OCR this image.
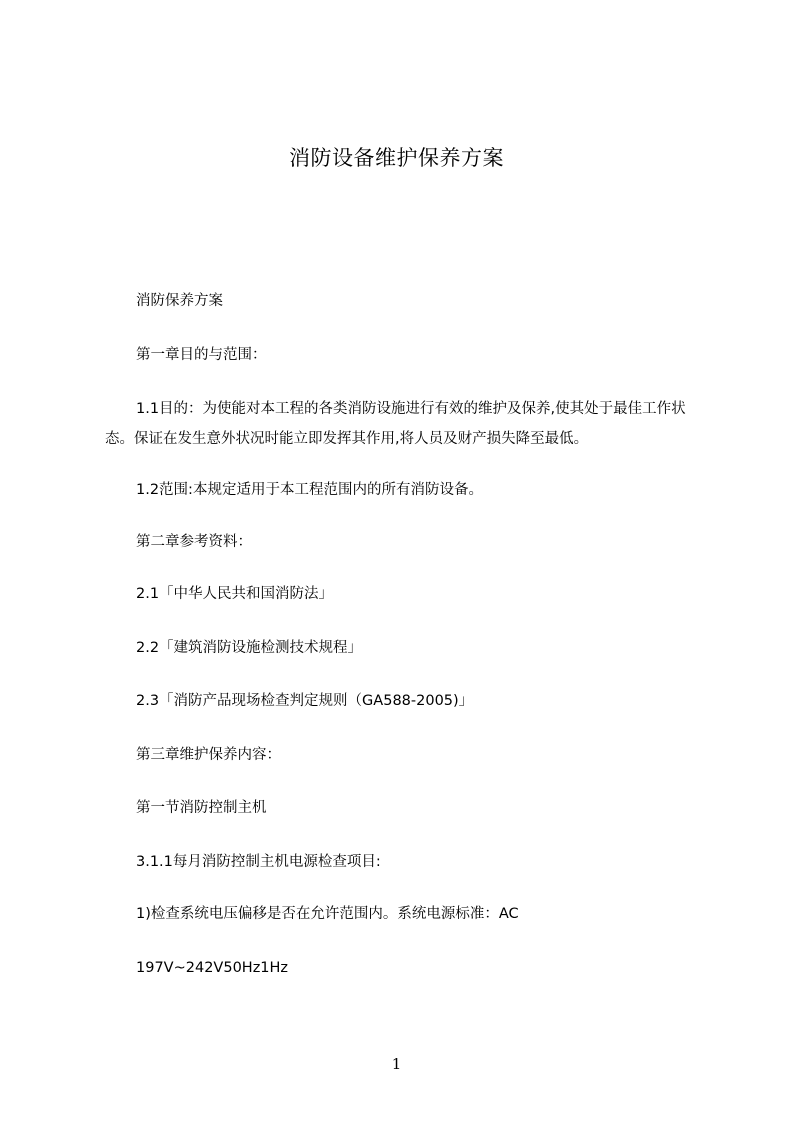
消防设备维护保养方案
消防保养方案
第一章目的与范围：
1.1目的：为使能对本工程的各类消防设施进行有效的维护及保养,使其处于最佳工作状态。保证在发生意外状况时能立即发挥其作用,将人员及财产损失降至最低。
1.2范围:本规定适用于本工程范围内的所有消防设备。
第二章参考资料：
2.1「中华人民共和国消防法」
2.2「建筑消防设施检测技术规程」
2.3「消防产品现场检查判定规则（GA588-2005)」
第三章维护保养内容：
第一节消防控制主机
3.1.1每月消防控制主机电源检查项目:
1)检查系统电压偏移是否在允许范围内。系统电源标准：AC
197V~242V50Hz1Hz
1
